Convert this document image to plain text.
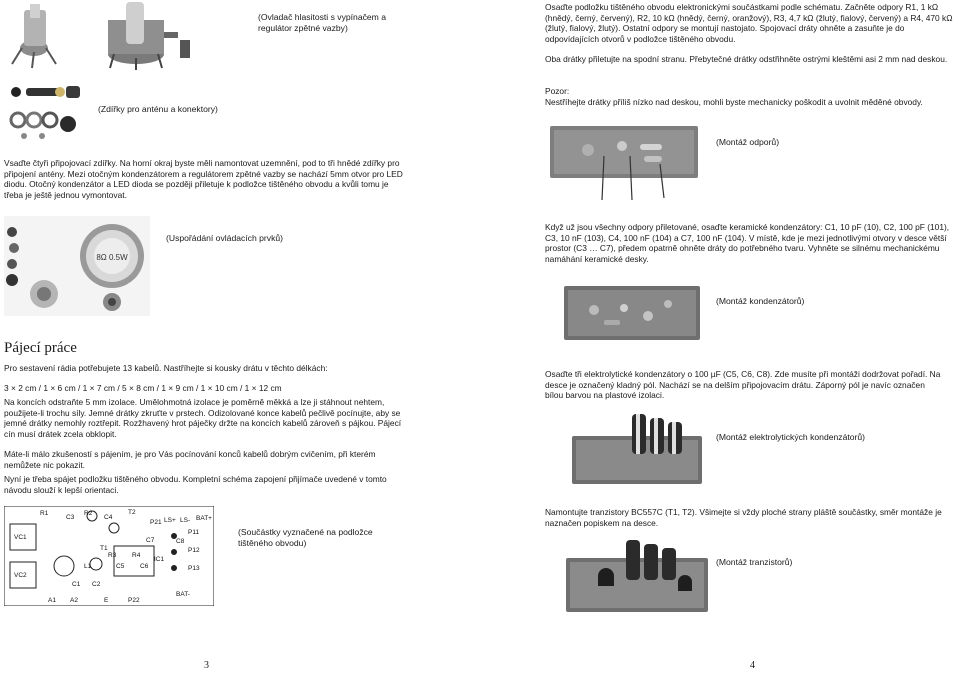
(Ovladač hlasitosti s vypínačem a regulátor zpětné vazby)
(Zdířky pro anténu a konektory)

Vsaďte čtyři připojovací zdířky. Na horní okraj byste měli namontovat uzemnění, pod to tři hnědé zdířky pro připojení antény. Mezi otočným kondenzátorem a regulátorem zpětné vazby se nachází 5mm otvor pro LED diodu. Otočný kondenzátor a LED dioda se později přiletuje k podložce tištěného obvodu a kvůli tomu je třeba je ještě jednou vymontovat.

8Ω 0.5W
(Uspořádání ovládacích prvků)
Pájecí práce

Pro sestavení rádia potřebujete 13 kabelů. Nastříhejte si kousky drátu v těchto délkách:

3 × 2 cm / 1 × 6 cm / 1 × 7 cm / 5 × 8 cm / 1 × 9 cm / 1 × 10 cm / 1 × 12 cm

Na koncích odstraňte 5 mm izolace. Umělohmotná izolace je poměrně měkká a lze ji stáhnout nehtem, použijete-li trochu síly. Jemné drátky zkruťte v prstech. Odizolované konce kabelů pečlivě pocínujte, aby se jemné drátky nemohly roztřepit. Rozžhavený hrot páječky držte na koncích kabelů zároveň s pájkou. Pájecí cín musí drátek zcela obklopit.

Máte-li málo zkušeností s pájením, je pro Vás pocínování konců kabelů dobrým cvičením, při kterém nemůžete nic pokazit.

Nyní je třeba spájet podložku tištěného obvodu. Kompletní schéma zapojení přijímače uvedené v tomto návodu slouží k lepší orientaci.

R1
C3
R2
C4
T2
P21 LS+ LS- BAT+
P11
P12
P13
VC1
VC2
R3 R4
C5 C6
C8
C7
T1
L1
IC1
C1 C2
A1 A2	E	P22
BAT-
(Součástky vyznačené na podložce tištěného obvodu)
3

Osaďte podložku tištěného obvodu elektronickými součástkami podle schématu. Začněte odpory R1, 1 kΩ (hnědý, černý, červený), R2, 10 kΩ (hnědý, černý, oranžový), R3, 4,7 kΩ (žlutý, fialový, červený) a R4, 470 kΩ (žlutý, fialový, žlutý). Ostatní odpory se montují nastojato. Spojovací dráty ohněte a zasuňte je do odpovídajících otvorů v podložce tištěného obvodu.

Oba drátky přiletujte na spodní stranu. Přebytečné drátky odstřihněte ostrými kleštěmi asi 2 mm nad deskou.

Pozor:
Nestříhejte drátky příliš nízko nad deskou, mohli byste mechanicky poškodit a uvolnit měděné obvody.
(Montáž odporů)

Když už jsou všechny odpory přiletované, osaďte keramické kondenzátory: C1, 10 pF (10), C2, 100 pF (101), C3, 10 nF (103), C4, 100 nF (104) a C7, 100 nF (104). V místě, kde je mezi jednotlivými otvory v desce větší prostor (C3 … C7), předem opatrně ohněte dráty do potřebného tvaru. Vyhněte se silnému mechanickému namáhání keramické desky.

(Montáž kondenzátorů)

Osaďte tři elektrolytické kondenzátory o 100 µF (C5, C6, C8). Zde musíte při montáži dodržovat pořadí. Na desce je označený kladný pól. Nachází se na delším připojovacím drátu. Záporný pól je navíc označen bílou barvou na plastové izolaci.

(Montáž elektrolytických kondenzátorů)

Namontujte tranzistory BC557C (T1, T2). Všimejte si vždy ploché strany pláště součástky, směr montáže je naznačen popiskem na desce.

(Montáž tranzistorů)
4
